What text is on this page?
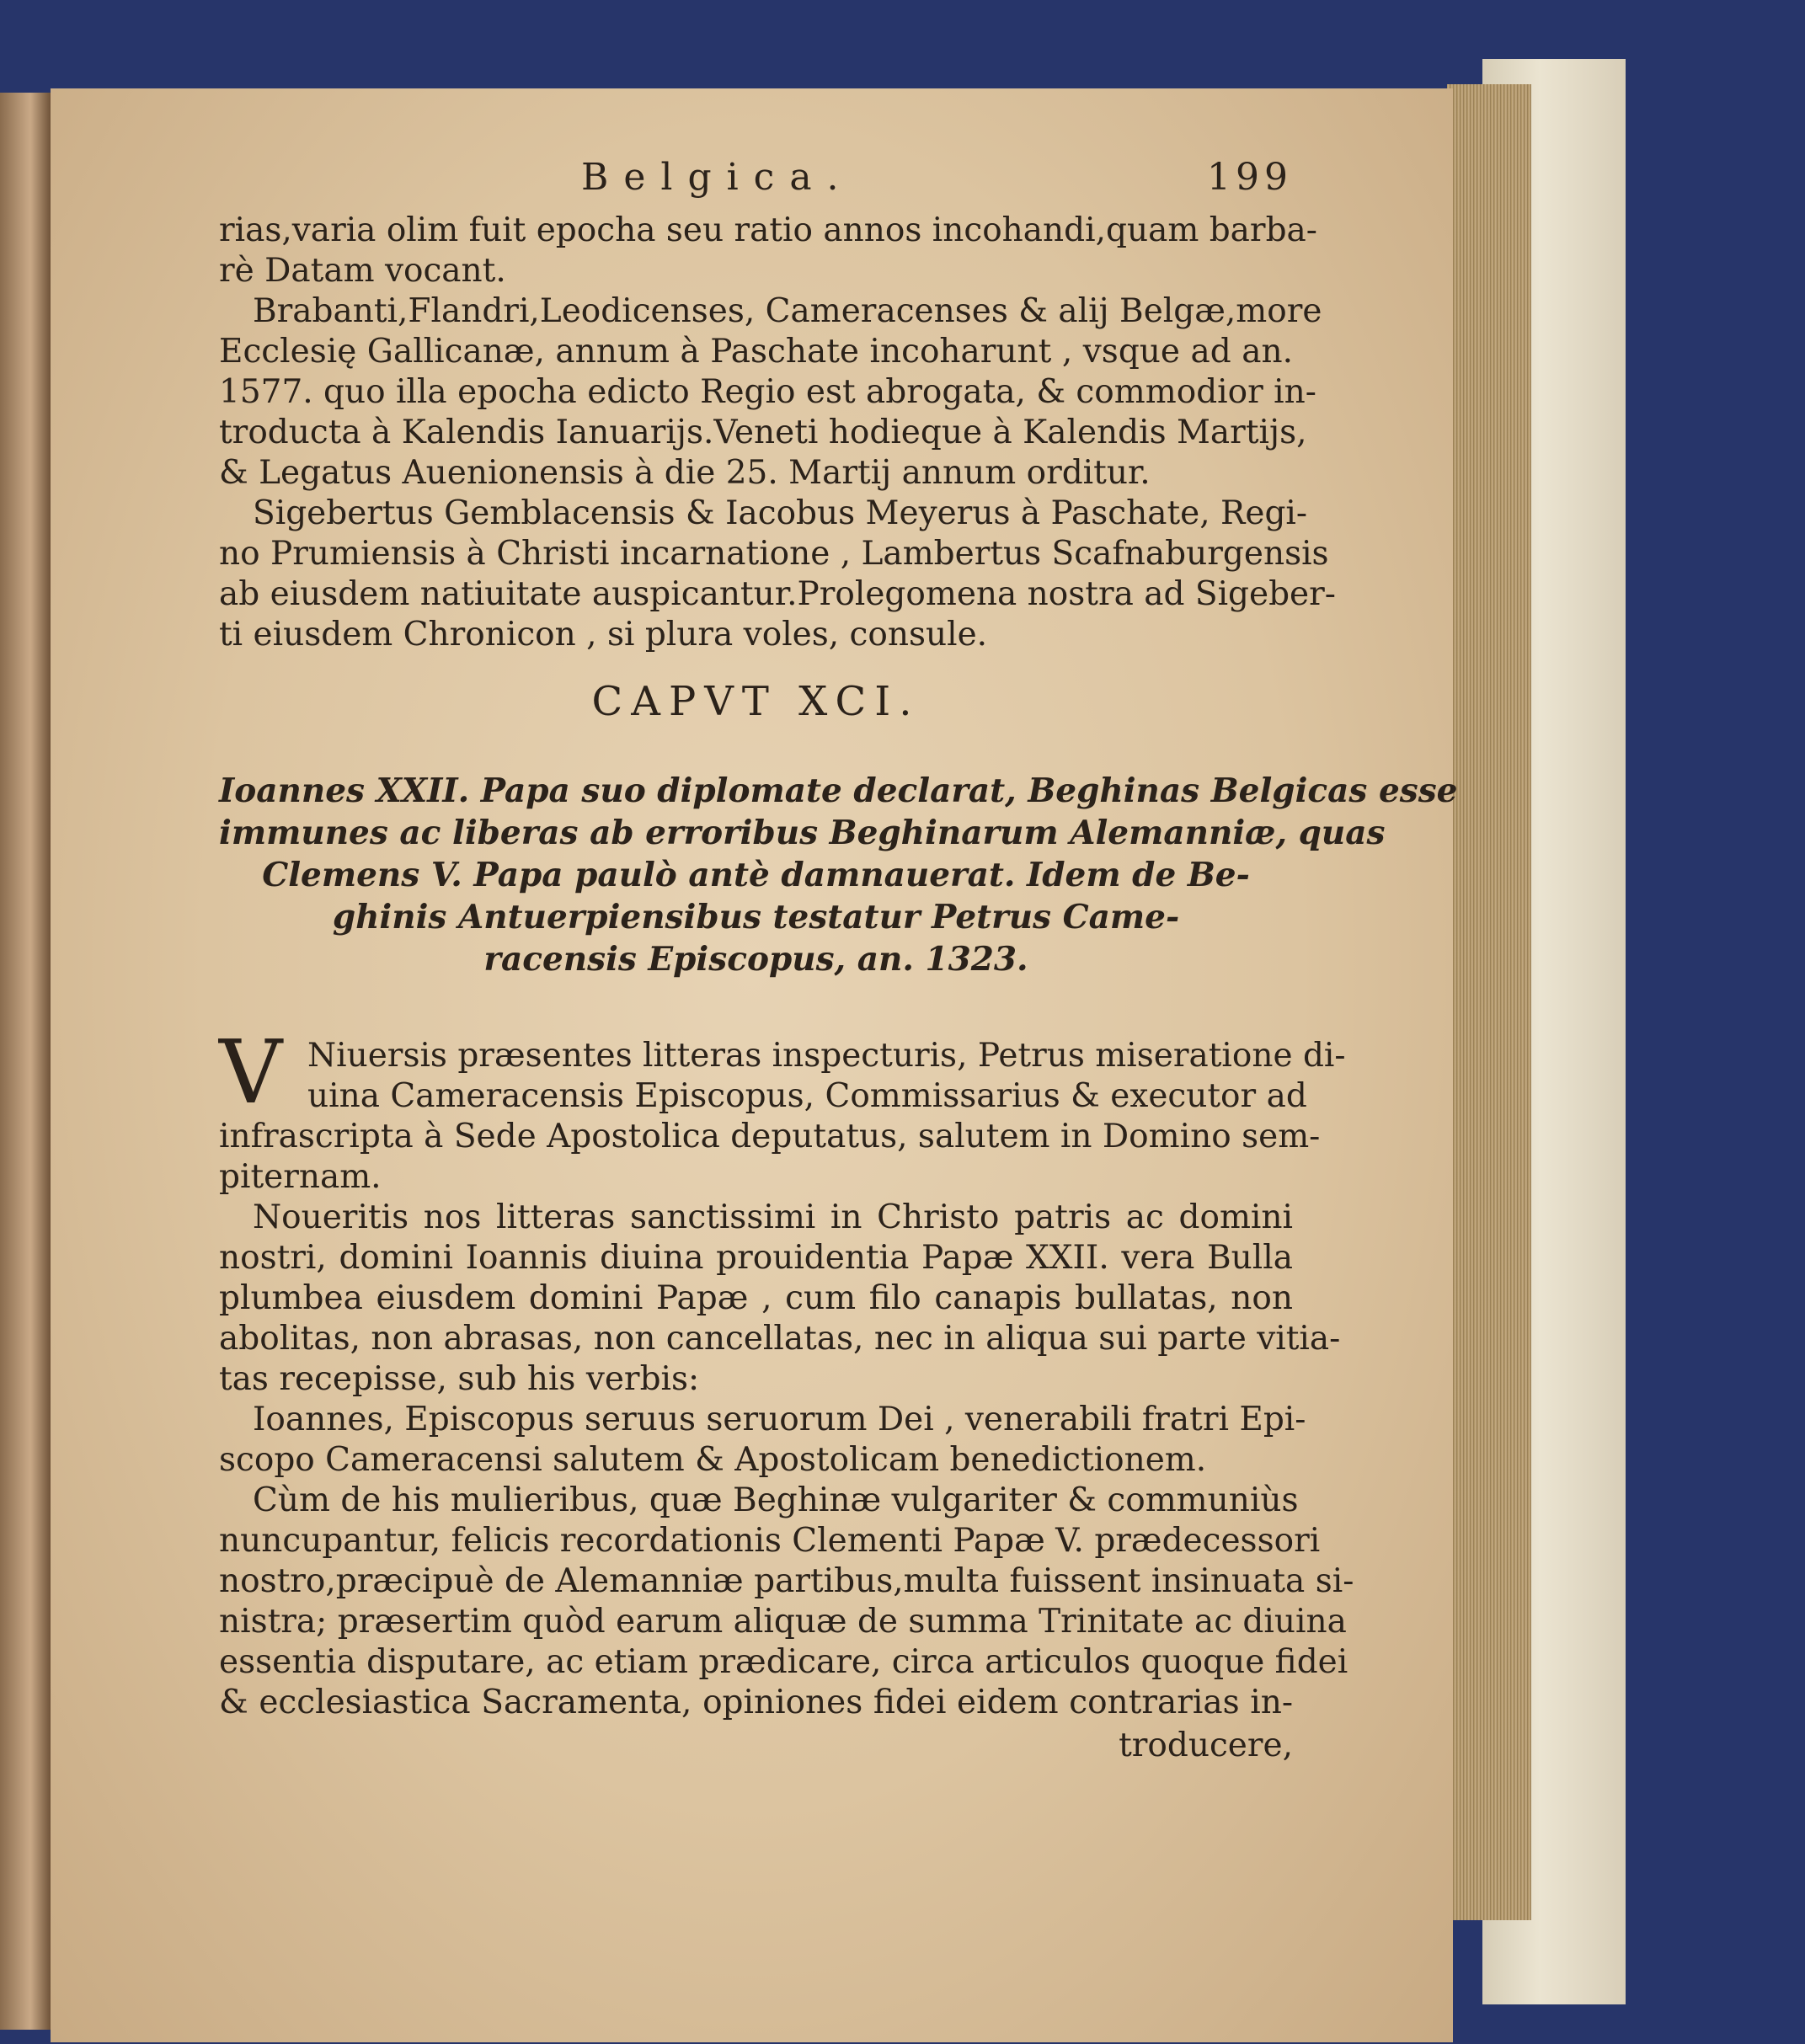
Belgica.	199
rias,varia olim fuit epocha seu ratio annos incohandi,quam barba-
rè Datam vocant.
Brabanti,Flandri,Leodicenses, Cameracenses & alij Belgæ,more
Ecclesię Gallicanæ, annum à Paschate incoharunt , vsque ad an.
1577. quo illa epocha edicto Regio est abrogata, & commodior in-
troducta à Kalendis Ianuarijs.Veneti hodieque à Kalendis Martijs,
& Legatus Auenionensis à die 25. Martij annum orditur.
Sigebertus Gemblacensis & Iacobus Meyerus à Paschate, Regi-
no Prumiensis à Christi incarnatione , Lambertus Scafnaburgensis
ab eiusdem natiuitate auspicantur.Prolegomena nostra ad Sigeber-
ti eiusdem Chronicon , si plura voles, consule.
CAPVT XCI.
Ioannes XXII. Papa suo diplomate declarat, Beghinas Belgicas esse
immunes ac liberas ab erroribus Beghinarum Alemanniæ, quas
Clemens V. Papa paulò antè damnauerat. Idem de Be-
ghinis Antuerpiensibus testatur Petrus Came-
racensis Episcopus, an. 1323.
V Niuersis præsentes litteras inspecturis, Petrus miseratione di-
uina Cameracensis Episcopus, Commissarius & executor ad
infrascripta à Sede Apostolica deputatus, salutem in Domino sem-
piternam.
Noueritis nos litteras sanctissimi in Christo patris ac domini
nostri, domini Ioannis diuina prouidentia Papæ XXII. vera Bulla
plumbea eiusdem domini Papæ , cum filo canapis bullatas, non
abolitas, non abrasas, non cancellatas, nec in aliqua sui parte vitia-
tas recepisse, sub his verbis:
Ioannes, Episcopus seruus seruorum Dei , venerabili fratri Epi-
scopo Cameracensi salutem & Apostolicam benedictionem.
Cùm de his mulieribus, quæ Beghinæ vulgariter & communiùs
nuncupantur, felicis recordationis Clementi Papæ V. prædecessori
nostro,præcipuè de Alemanniæ partibus,multa fuissent insinuata si-
nistra; præsertim quòd earum aliquæ de summa Trinitate ac diuina
essentia disputare, ac etiam prædicare, circa articulos quoque fidei
& ecclesiastica Sacramenta, opiniones fidei eidem contrarias in-
troducere,
